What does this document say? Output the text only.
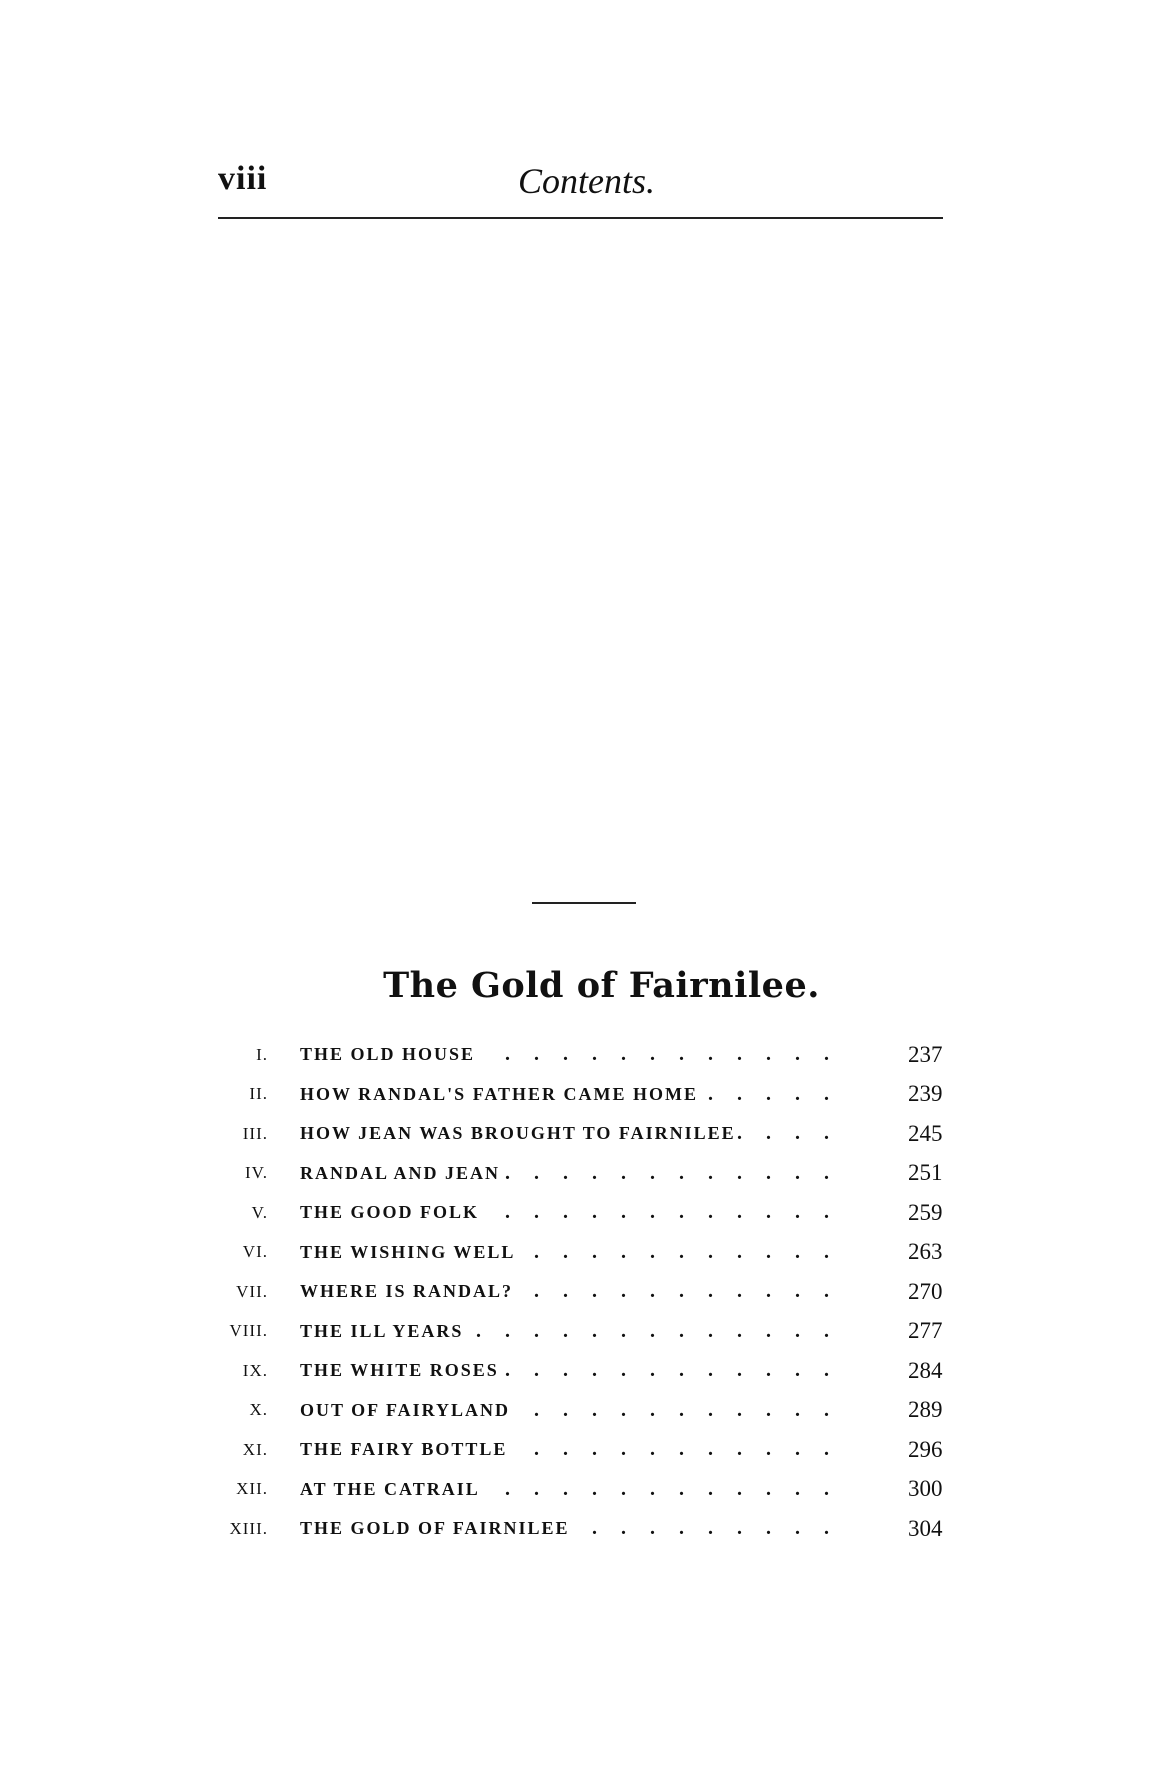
viii	Contents.
The Gold of Fairnilee.
I. THE OLD HOUSE	237
............
II. HOW RANDAL'S FATHER CAME HOME	239
.....
III. HOW JEAN WAS BROUGHT TO FAIRNILEE	245
....
IV. RANDAL AND JEAN	251
............
V. THE GOOD FOLK	259
............
VI. THE WISHING WELL	263
...........
VII. WHERE IS RANDAL?	270
...........
VIII. THE ILL YEARS	277
.............
IX. THE WHITE ROSES	284
............
X. OUT OF FAIRYLAND	289
...........
XI. THE FAIRY BOTTLE	296
...........
XII. AT THE CATRAIL	300
............
XIII. THE GOLD OF FAIRNILEE	304
.........
